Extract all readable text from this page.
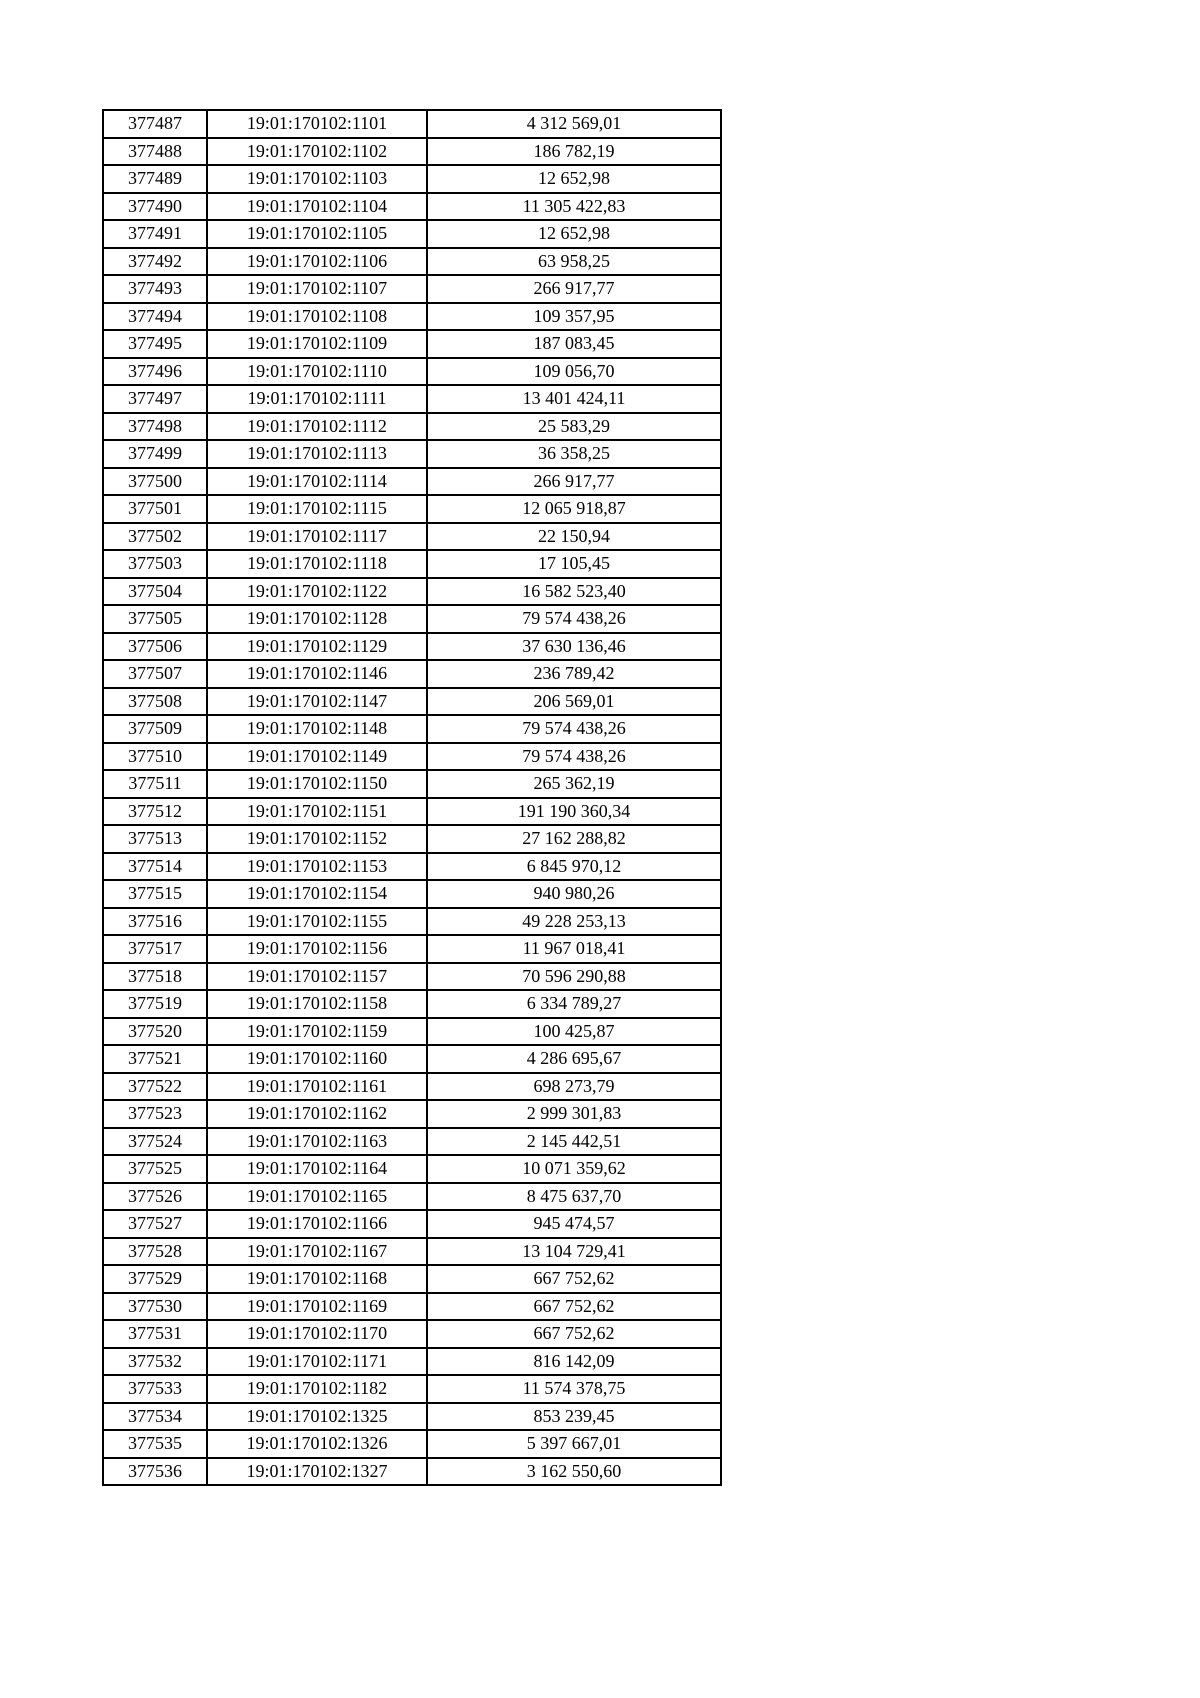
377487	19:01:170102:1101	4 312 569,01
377488	19:01:170102:1102	186 782,19
377489	19:01:170102:1103	12 652,98
377490	19:01:170102:1104	11 305 422,83
377491	19:01:170102:1105	12 652,98
377492	19:01:170102:1106	63 958,25
377493	19:01:170102:1107	266 917,77
377494	19:01:170102:1108	109 357,95
377495	19:01:170102:1109	187 083,45
377496	19:01:170102:1110	109 056,70
377497	19:01:170102:1111	13 401 424,11
377498	19:01:170102:1112	25 583,29
377499	19:01:170102:1113	36 358,25
377500	19:01:170102:1114	266 917,77
377501	19:01:170102:1115	12 065 918,87
377502	19:01:170102:1117	22 150,94
377503	19:01:170102:1118	17 105,45
377504	19:01:170102:1122	16 582 523,40
377505	19:01:170102:1128	79 574 438,26
377506	19:01:170102:1129	37 630 136,46
377507	19:01:170102:1146	236 789,42
377508	19:01:170102:1147	206 569,01
377509	19:01:170102:1148	79 574 438,26
377510	19:01:170102:1149	79 574 438,26
377511	19:01:170102:1150	265 362,19
377512	19:01:170102:1151	191 190 360,34
377513	19:01:170102:1152	27 162 288,82
377514	19:01:170102:1153	6 845 970,12
377515	19:01:170102:1154	940 980,26
377516	19:01:170102:1155	49 228 253,13
377517	19:01:170102:1156	11 967 018,41
377518	19:01:170102:1157	70 596 290,88
377519	19:01:170102:1158	6 334 789,27
377520	19:01:170102:1159	100 425,87
377521	19:01:170102:1160	4 286 695,67
377522	19:01:170102:1161	698 273,79
377523	19:01:170102:1162	2 999 301,83
377524	19:01:170102:1163	2 145 442,51
377525	19:01:170102:1164	10 071 359,62
377526	19:01:170102:1165	8 475 637,70
377527	19:01:170102:1166	945 474,57
377528	19:01:170102:1167	13 104 729,41
377529	19:01:170102:1168	667 752,62
377530	19:01:170102:1169	667 752,62
377531	19:01:170102:1170	667 752,62
377532	19:01:170102:1171	816 142,09
377533	19:01:170102:1182	11 574 378,75
377534	19:01:170102:1325	853 239,45
377535	19:01:170102:1326	5 397 667,01
377536	19:01:170102:1327	3 162 550,60
